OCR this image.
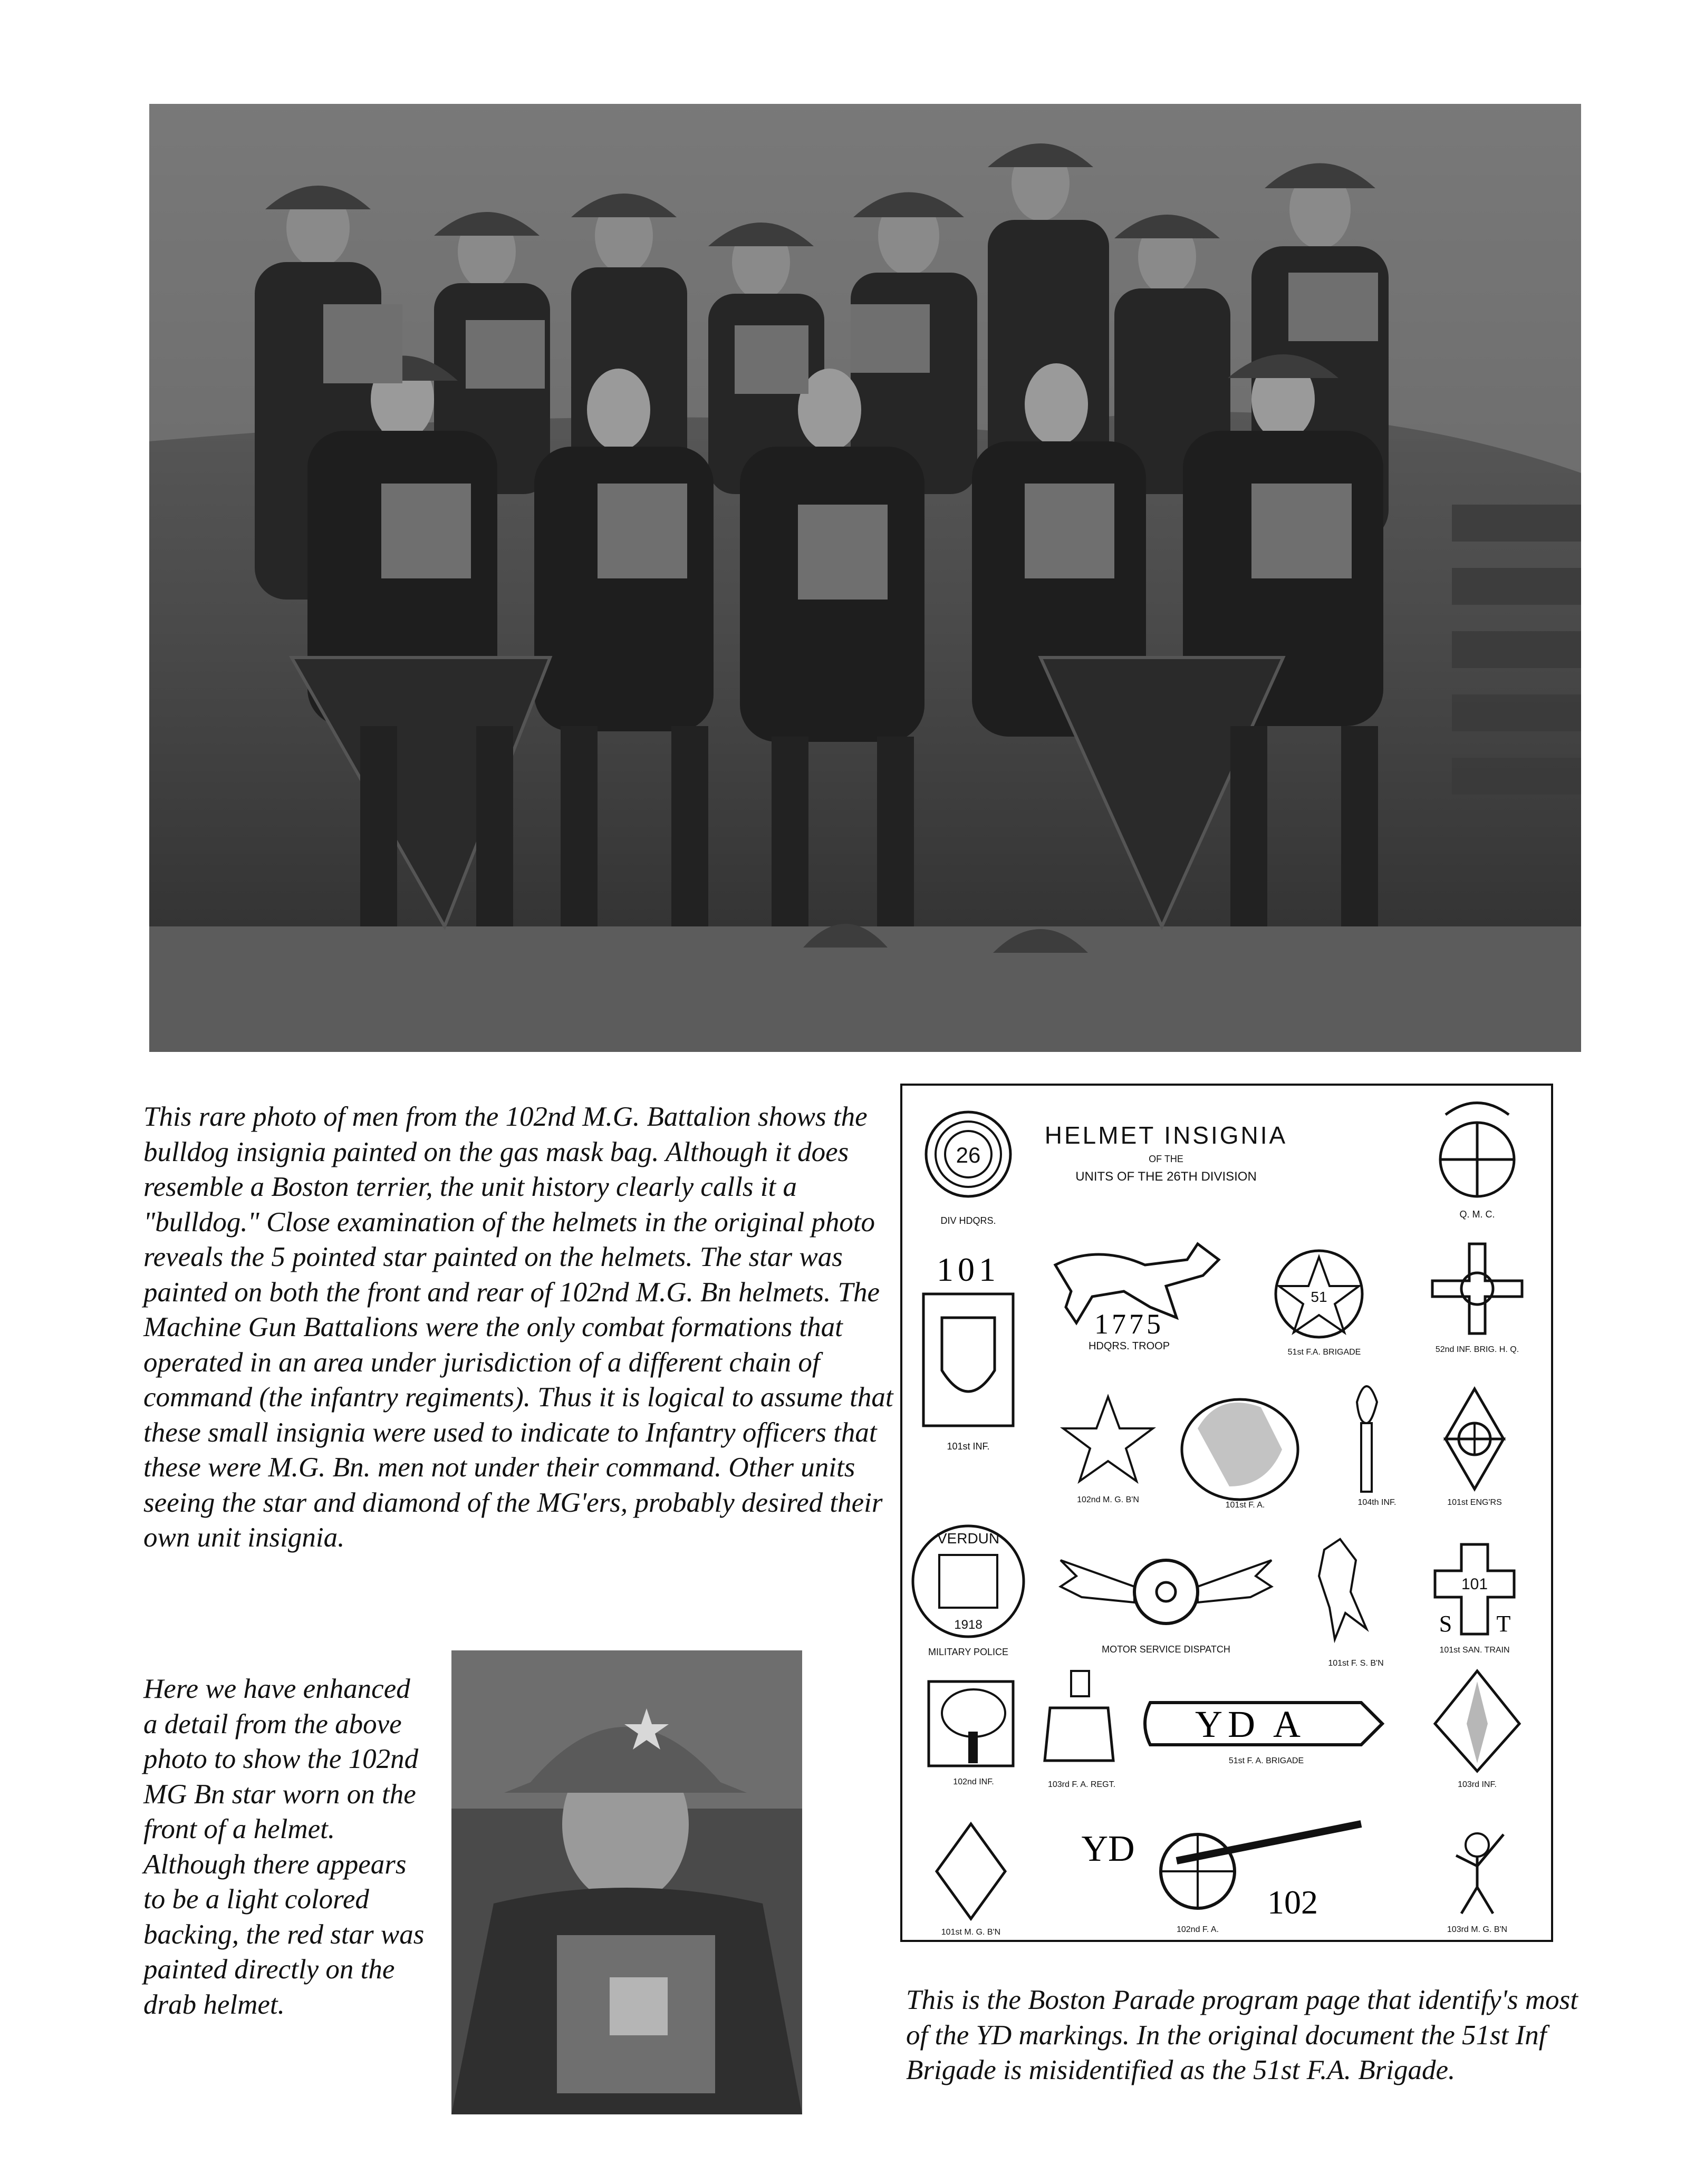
This rare photo of men from the 102nd M.G. Battalion shows the bulldog insignia painted on the gas mask bag. Although it does resemble a Boston terrier, the unit history clearly calls it a "bulldog." Close examination of the helmets in the original photo reveals the 5 pointed star painted on the helmets. The star was painted on both the front and rear of 102nd M.G. Bn helmets. The Machine Gun Battalions were the only combat formations that operated in an area under jurisdiction of a different chain of command (the infantry regiments). Thus it is logical to assume that these small insignia were used to indicate to Infantry officers that these were M.G. Bn. men not under their command. Other units seeing the star and diamond of the MG'ers, probably desired their own unit insignia.

Here we have enhanced a detail from the above photo to show the 102nd MG Bn star worn on the front of a helmet. Although there appears to be a light colored backing, the red star was painted directly on the drab helmet.

HELMET INSIGNIA
OF THE
UNITS OF THE 26TH DIVISION
26
DIV HDQRS.
Q. M. C.
101
101st INF.
1775
HDQRS. TROOP
51
51st F.A. BRIGADE	52nd INF. BRIG. H. Q.
102nd M. G. B'N
101st F. A.	104th INF.	101st ENG'RS
VERDUN
1918
MILITARY POLICE	MOTOR SERVICE DISPATCH
101st F. S. B'N
101
S T
101st SAN. TRAIN
102nd INF.	103rd F. A. REGT.
YD A
51st F. A. BRIGADE
103rd INF.
101st M. G. B'N
YD
102
102nd F. A.	103rd M. G. B'N

This is the Boston Parade program page that identify's most of the YD markings. In the original document the 51st Inf Brigade is misidentified as the 51st F.A. Brigade.
